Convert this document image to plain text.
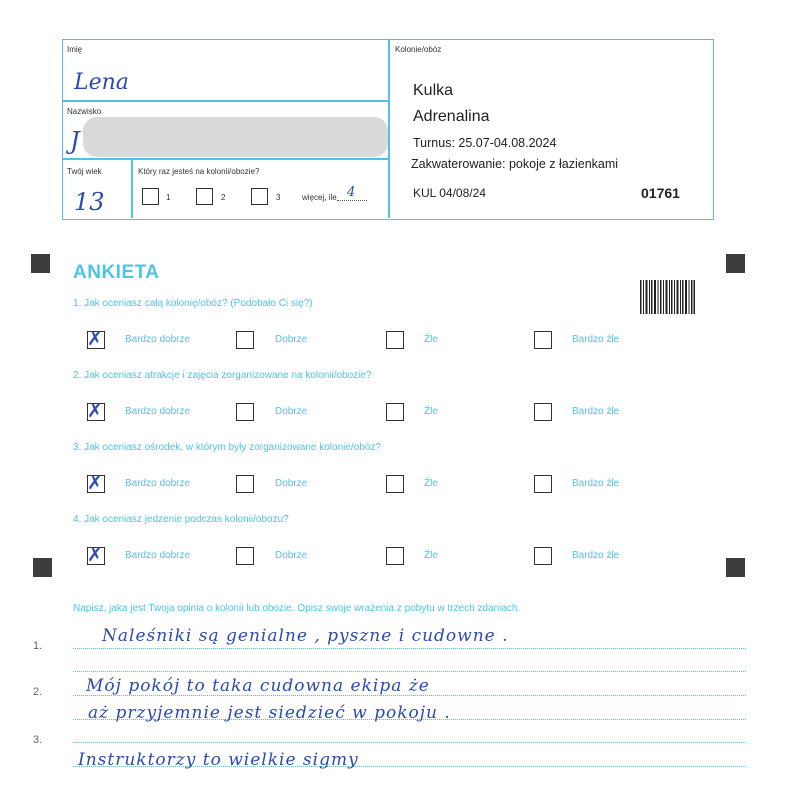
Imię
Lena
Nazwisko
J
Twój wiek
13
Który raz jesteś na kolonii/obozie?
1	2	3	więcej, ile 4
Kolonie/obóz
Kulka
Adrenalina
Turnus: 25.07-04.08.2024
Zakwaterowanie: pokoje z łazienkami
KUL 04/08/24	01761
ANKIETA
1. Jak oceniasz całą kolonię/obóz? (Podobało Ci się?)
✗ Bardzo dobrze	Dobrze	Źle	Bardzo źle
2. Jak oceniasz atrakcje i zajęcia zorganizowane na kolonii/obozie?
✗ Bardzo dobrze	Dobrze	Źle	Bardzo źle
3. Jak oceniasz ośrodek, w którym były zorganizowane kolonie/obóz?
✗ Bardzo dobrze	Dobrze	Źle	Bardzo źle
4. Jak oceniasz jedzenie podczas kolonii/obozu?
✗ Bardzo dobrze	Dobrze	Źle	Bardzo źle
Napisz, jaka jest Twoja opinia o kolonii lub obozie. Opisz swoje wrażenia z pobytu w trzech zdaniach.
1.
2.
3.
Naleśniki są genialne , pyszne i cudowne .
Mój pokój to taka cudowna ekipa że
aż przyjemnie jest siedzieć w pokoju .
Instruktorzy to wielkie sigmy
